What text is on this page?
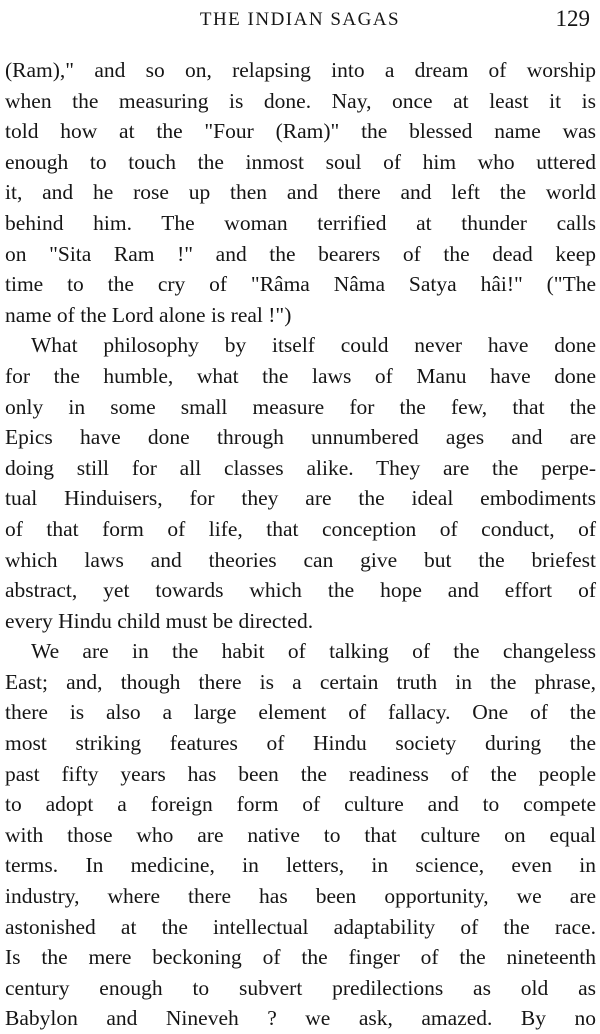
THE INDIAN SAGAS	129
(Ram)," and so on, relapsing into a dream of worship
when the measuring is done. Nay, once at least it is
told how at the "Four (Ram)" the blessed name was
enough to touch the inmost soul of him who uttered
it, and he rose up then and there and left the world
behind him. The woman terrified at thunder calls
on "Sita Ram !" and the bearers of the dead keep
time to the cry of "Râma Nâma Satya hâi!" ("The
name of the Lord alone is real !")
What philosophy by itself could never have done
for the humble, what the laws of Manu have done
only in some small measure for the few, that the
Epics have done through unnumbered ages and are
doing still for all classes alike. They are the perpe-
tual Hinduisers, for they are the ideal embodiments
of that form of life, that conception of conduct, of
which laws and theories can give but the briefest
abstract, yet towards which the hope and effort of
every Hindu child must be directed.
We are in the habit of talking of the changeless
East; and, though there is a certain truth in the phrase,
there is also a large element of fallacy. One of the
most striking features of Hindu society during the
past fifty years has been the readiness of the people
to adopt a foreign form of culture and to compete
with those who are native to that culture on equal
terms. In medicine, in letters, in science, even in
industry, where there has been opportunity, we are
astonished at the intellectual adaptability of the race.
Is the mere beckoning of the finger of the nineteenth
century enough to subvert predilections as old as
Babylon and Nineveh ? we ask, amazed. By no
